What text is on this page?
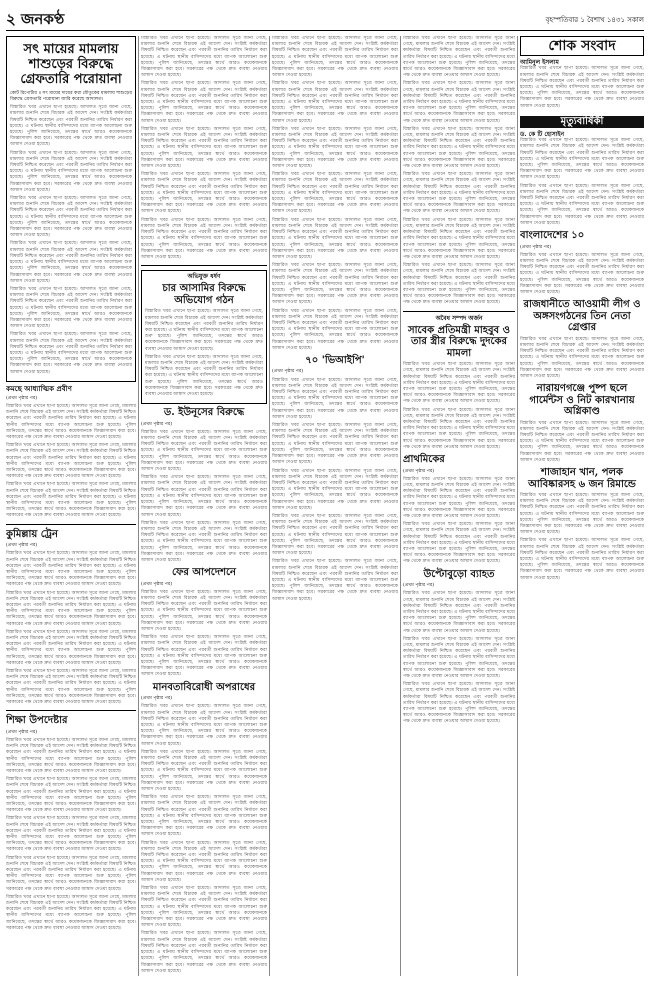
২ জনকণ্ঠ	বৃহস্পতিবার ১ বৈশাখ ১৪৩১ সকাল
সৎ মায়ের মামলায় শাশুড়ের বিরুদ্ধে গ্রেফতারি পরোয়ানা

কোর্ট রিপোর্টার ॥ সৎ মায়ের দায়ের করা যৌতুকের মামলায় শাশুড়ের বিরুদ্ধে গ্রেফতারি পরোয়ানা জারি করেছে আদালত।

বিস্তারিত খবর এখানে ছাপা হয়েছে। আদালত সূত্রে জানা গেছে, মামলার শুনানি শেষে বিচারক এই আদেশ দেন। সংশ্লিষ্ট কর্মকর্তারা বিষয়টি নিশ্চিত করেছেন এবং পরবর্তী শুনানির তারিখ নির্ধারণ করা হয়েছে। এ ঘটনায় স্থানীয় বাসিন্দাদের মধ্যে ব্যাপক আলোচনা শুরু হয়েছে। পুলিশ জানিয়েছে, তদন্তের স্বার্থে আরও কয়েকজনকে জিজ্ঞাসাবাদ করা হবে। সরকারের পক্ষ থেকে দ্রুত ব্যবস্থা নেওয়ার আশ্বাস দেওয়া হয়েছে।

বিস্তারিত খবর এখানে ছাপা হয়েছে। আদালত সূত্রে জানা গেছে, মামলার শুনানি শেষে বিচারক এই আদেশ দেন। সংশ্লিষ্ট কর্মকর্তারা বিষয়টি নিশ্চিত করেছেন এবং পরবর্তী শুনানির তারিখ নির্ধারণ করা হয়েছে। এ ঘটনায় স্থানীয় বাসিন্দাদের মধ্যে ব্যাপক আলোচনা শুরু হয়েছে। পুলিশ জানিয়েছে, তদন্তের স্বার্থে আরও কয়েকজনকে জিজ্ঞাসাবাদ করা হবে। সরকারের পক্ষ থেকে দ্রুত ব্যবস্থা নেওয়ার আশ্বাস দেওয়া হয়েছে।

বিস্তারিত খবর এখানে ছাপা হয়েছে। আদালত সূত্রে জানা গেছে, মামলার শুনানি শেষে বিচারক এই আদেশ দেন। সংশ্লিষ্ট কর্মকর্তারা বিষয়টি নিশ্চিত করেছেন এবং পরবর্তী শুনানির তারিখ নির্ধারণ করা হয়েছে। এ ঘটনায় স্থানীয় বাসিন্দাদের মধ্যে ব্যাপক আলোচনা শুরু হয়েছে। পুলিশ জানিয়েছে, তদন্তের স্বার্থে আরও কয়েকজনকে জিজ্ঞাসাবাদ করা হবে। সরকারের পক্ষ থেকে দ্রুত ব্যবস্থা নেওয়ার আশ্বাস দেওয়া হয়েছে।

বিস্তারিত খবর এখানে ছাপা হয়েছে। আদালত সূত্রে জানা গেছে, মামলার শুনানি শেষে বিচারক এই আদেশ দেন। সংশ্লিষ্ট কর্মকর্তারা বিষয়টি নিশ্চিত করেছেন এবং পরবর্তী শুনানির তারিখ নির্ধারণ করা হয়েছে। এ ঘটনায় স্থানীয় বাসিন্দাদের মধ্যে ব্যাপক আলোচনা শুরু হয়েছে। পুলিশ জানিয়েছে, তদন্তের স্বার্থে আরও কয়েকজনকে জিজ্ঞাসাবাদ করা হবে। সরকারের পক্ষ থেকে দ্রুত ব্যবস্থা নেওয়ার আশ্বাস দেওয়া হয়েছে।

বিস্তারিত খবর এখানে ছাপা হয়েছে। আদালত সূত্রে জানা গেছে, মামলার শুনানি শেষে বিচারক এই আদেশ দেন। সংশ্লিষ্ট কর্মকর্তারা বিষয়টি নিশ্চিত করেছেন এবং পরবর্তী শুনানির তারিখ নির্ধারণ করা হয়েছে। এ ঘটনায় স্থানীয় বাসিন্দাদের মধ্যে ব্যাপক আলোচনা শুরু হয়েছে। পুলিশ জানিয়েছে, তদন্তের স্বার্থে আরও কয়েকজনকে জিজ্ঞাসাবাদ করা হবে। সরকারের পক্ষ থেকে দ্রুত ব্যবস্থা নেওয়ার আশ্বাস দেওয়া হয়েছে।

বিস্তারিত খবর এখানে ছাপা হয়েছে। আদালত সূত্রে জানা গেছে, মামলার শুনানি শেষে বিচারক এই আদেশ দেন। সংশ্লিষ্ট কর্মকর্তারা বিষয়টি নিশ্চিত করেছেন এবং পরবর্তী শুনানির তারিখ নির্ধারণ করা হয়েছে। এ ঘটনায় স্থানীয় বাসিন্দাদের মধ্যে ব্যাপক আলোচনা শুরু হয়েছে। পুলিশ জানিয়েছে, তদন্তের স্বার্থে আরও কয়েকজনকে জিজ্ঞাসাবাদ করা হবে। সরকারের পক্ষ থেকে দ্রুত ব্যবস্থা নেওয়ার আশ্বাস দেওয়া হয়েছে।

কমছে আধ্যাত্মিক প্রবীণ

(প্রথম পৃষ্ঠার পর)

বিস্তারিত খবর এখানে ছাপা হয়েছে। আদালত সূত্রে জানা গেছে, মামলার শুনানি শেষে বিচারক এই আদেশ দেন। সংশ্লিষ্ট কর্মকর্তারা বিষয়টি নিশ্চিত করেছেন এবং পরবর্তী শুনানির তারিখ নির্ধারণ করা হয়েছে। এ ঘটনায় স্থানীয় বাসিন্দাদের মধ্যে ব্যাপক আলোচনা শুরু হয়েছে। পুলিশ জানিয়েছে, তদন্তের স্বার্থে আরও কয়েকজনকে জিজ্ঞাসাবাদ করা হবে। সরকারের পক্ষ থেকে দ্রুত ব্যবস্থা নেওয়ার আশ্বাস দেওয়া হয়েছে।

বিস্তারিত খবর এখানে ছাপা হয়েছে। আদালত সূত্রে জানা গেছে, মামলার শুনানি শেষে বিচারক এই আদেশ দেন। সংশ্লিষ্ট কর্মকর্তারা বিষয়টি নিশ্চিত করেছেন এবং পরবর্তী শুনানির তারিখ নির্ধারণ করা হয়েছে। এ ঘটনায় স্থানীয় বাসিন্দাদের মধ্যে ব্যাপক আলোচনা শুরু হয়েছে। পুলিশ জানিয়েছে, তদন্তের স্বার্থে আরও কয়েকজনকে জিজ্ঞাসাবাদ করা হবে। সরকারের পক্ষ থেকে দ্রুত ব্যবস্থা নেওয়ার আশ্বাস দেওয়া হয়েছে।

বিস্তারিত খবর এখানে ছাপা হয়েছে। আদালত সূত্রে জানা গেছে, মামলার শুনানি শেষে বিচারক এই আদেশ দেন। সংশ্লিষ্ট কর্মকর্তারা বিষয়টি নিশ্চিত করেছেন এবং পরবর্তী শুনানির তারিখ নির্ধারণ করা হয়েছে। এ ঘটনায় স্থানীয় বাসিন্দাদের মধ্যে ব্যাপক আলোচনা শুরু হয়েছে। পুলিশ জানিয়েছে, তদন্তের স্বার্থে আরও কয়েকজনকে জিজ্ঞাসাবাদ করা হবে। সরকারের পক্ষ থেকে দ্রুত ব্যবস্থা নেওয়ার আশ্বাস দেওয়া হয়েছে।

কুমিল্লায় ট্রেন

(প্রথম পৃষ্ঠার পর)

বিস্তারিত খবর এখানে ছাপা হয়েছে। আদালত সূত্রে জানা গেছে, মামলার শুনানি শেষে বিচারক এই আদেশ দেন। সংশ্লিষ্ট কর্মকর্তারা বিষয়টি নিশ্চিত করেছেন এবং পরবর্তী শুনানির তারিখ নির্ধারণ করা হয়েছে। এ ঘটনায় স্থানীয় বাসিন্দাদের মধ্যে ব্যাপক আলোচনা শুরু হয়েছে। পুলিশ জানিয়েছে, তদন্তের স্বার্থে আরও কয়েকজনকে জিজ্ঞাসাবাদ করা হবে। সরকারের পক্ষ থেকে দ্রুত ব্যবস্থা নেওয়ার আশ্বাস দেওয়া হয়েছে।

বিস্তারিত খবর এখানে ছাপা হয়েছে। আদালত সূত্রে জানা গেছে, মামলার শুনানি শেষে বিচারক এই আদেশ দেন। সংশ্লিষ্ট কর্মকর্তারা বিষয়টি নিশ্চিত করেছেন এবং পরবর্তী শুনানির তারিখ নির্ধারণ করা হয়েছে। এ ঘটনায় স্থানীয় বাসিন্দাদের মধ্যে ব্যাপক আলোচনা শুরু হয়েছে। পুলিশ জানিয়েছে, তদন্তের স্বার্থে আরও কয়েকজনকে জিজ্ঞাসাবাদ করা হবে। সরকারের পক্ষ থেকে দ্রুত ব্যবস্থা নেওয়ার আশ্বাস দেওয়া হয়েছে।

বিস্তারিত খবর এখানে ছাপা হয়েছে। আদালত সূত্রে জানা গেছে, মামলার শুনানি শেষে বিচারক এই আদেশ দেন। সংশ্লিষ্ট কর্মকর্তারা বিষয়টি নিশ্চিত করেছেন এবং পরবর্তী শুনানির তারিখ নির্ধারণ করা হয়েছে। এ ঘটনায় স্থানীয় বাসিন্দাদের মধ্যে ব্যাপক আলোচনা শুরু হয়েছে। পুলিশ জানিয়েছে, তদন্তের স্বার্থে আরও কয়েকজনকে জিজ্ঞাসাবাদ করা হবে। সরকারের পক্ষ থেকে দ্রুত ব্যবস্থা নেওয়ার আশ্বাস দেওয়া হয়েছে।

বিস্তারিত খবর এখানে ছাপা হয়েছে। আদালত সূত্রে জানা গেছে, মামলার শুনানি শেষে বিচারক এই আদেশ দেন। সংশ্লিষ্ট কর্মকর্তারা বিষয়টি নিশ্চিত করেছেন এবং পরবর্তী শুনানির তারিখ নির্ধারণ করা হয়েছে। এ ঘটনায় স্থানীয় বাসিন্দাদের মধ্যে ব্যাপক আলোচনা শুরু হয়েছে। পুলিশ জানিয়েছে, তদন্তের স্বার্থে আরও কয়েকজনকে জিজ্ঞাসাবাদ করা হবে। সরকারের পক্ষ থেকে দ্রুত ব্যবস্থা নেওয়ার আশ্বাস দেওয়া হয়েছে।

শিক্ষা উপদেষ্টার

(প্রথম পৃষ্ঠার পর)

বিস্তারিত খবর এখানে ছাপা হয়েছে। আদালত সূত্রে জানা গেছে, মামলার শুনানি শেষে বিচারক এই আদেশ দেন। সংশ্লিষ্ট কর্মকর্তারা বিষয়টি নিশ্চিত করেছেন এবং পরবর্তী শুনানির তারিখ নির্ধারণ করা হয়েছে। এ ঘটনায় স্থানীয় বাসিন্দাদের মধ্যে ব্যাপক আলোচনা শুরু হয়েছে। পুলিশ জানিয়েছে, তদন্তের স্বার্থে আরও কয়েকজনকে জিজ্ঞাসাবাদ করা হবে। সরকারের পক্ষ থেকে দ্রুত ব্যবস্থা নেওয়ার আশ্বাস দেওয়া হয়েছে।

বিস্তারিত খবর এখানে ছাপা হয়েছে। আদালত সূত্রে জানা গেছে, মামলার শুনানি শেষে বিচারক এই আদেশ দেন। সংশ্লিষ্ট কর্মকর্তারা বিষয়টি নিশ্চিত করেছেন এবং পরবর্তী শুনানির তারিখ নির্ধারণ করা হয়েছে। এ ঘটনায় স্থানীয় বাসিন্দাদের মধ্যে ব্যাপক আলোচনা শুরু হয়েছে। পুলিশ জানিয়েছে, তদন্তের স্বার্থে আরও কয়েকজনকে জিজ্ঞাসাবাদ করা হবে। সরকারের পক্ষ থেকে দ্রুত ব্যবস্থা নেওয়ার আশ্বাস দেওয়া হয়েছে।

বিস্তারিত খবর এখানে ছাপা হয়েছে। আদালত সূত্রে জানা গেছে, মামলার শুনানি শেষে বিচারক এই আদেশ দেন। সংশ্লিষ্ট কর্মকর্তারা বিষয়টি নিশ্চিত করেছেন এবং পরবর্তী শুনানির তারিখ নির্ধারণ করা হয়েছে। এ ঘটনায় স্থানীয় বাসিন্দাদের মধ্যে ব্যাপক আলোচনা শুরু হয়েছে। পুলিশ জানিয়েছে, তদন্তের স্বার্থে আরও কয়েকজনকে জিজ্ঞাসাবাদ করা হবে। সরকারের পক্ষ থেকে দ্রুত ব্যবস্থা নেওয়ার আশ্বাস দেওয়া হয়েছে।

বিস্তারিত খবর এখানে ছাপা হয়েছে। আদালত সূত্রে জানা গেছে, মামলার শুনানি শেষে বিচারক এই আদেশ দেন। সংশ্লিষ্ট কর্মকর্তারা বিষয়টি নিশ্চিত করেছেন এবং পরবর্তী শুনানির তারিখ নির্ধারণ করা হয়েছে। এ ঘটনায় স্থানীয় বাসিন্দাদের মধ্যে ব্যাপক আলোচনা শুরু হয়েছে। পুলিশ জানিয়েছে, তদন্তের স্বার্থে আরও কয়েকজনকে জিজ্ঞাসাবাদ করা হবে। সরকারের পক্ষ থেকে দ্রুত ব্যবস্থা নেওয়ার আশ্বাস দেওয়া হয়েছে।

বিস্তারিত খবর এখানে ছাপা হয়েছে। আদালত সূত্রে জানা গেছে, মামলার শুনানি শেষে বিচারক এই আদেশ দেন। সংশ্লিষ্ট কর্মকর্তারা বিষয়টি নিশ্চিত করেছেন এবং পরবর্তী শুনানির তারিখ নির্ধারণ করা হয়েছে। এ ঘটনায় স্থানীয় বাসিন্দাদের মধ্যে ব্যাপক আলোচনা শুরু হয়েছে। পুলিশ জানিয়েছে, তদন্তের স্বার্থে আরও কয়েকজনকে জিজ্ঞাসাবাদ করা হবে। সরকারের পক্ষ থেকে দ্রুত ব্যবস্থা নেওয়ার আশ্বাস দেওয়া হয়েছে।

বিস্তারিত খবর এখানে ছাপা হয়েছে। আদালত সূত্রে জানা গেছে, মামলার শুনানি শেষে বিচারক এই আদেশ দেন। সংশ্লিষ্ট কর্মকর্তারা বিষয়টি নিশ্চিত করেছেন এবং পরবর্তী শুনানির তারিখ নির্ধারণ করা হয়েছে। এ ঘটনায় স্থানীয় বাসিন্দাদের মধ্যে ব্যাপক আলোচনা শুরু হয়েছে। পুলিশ জানিয়েছে, তদন্তের স্বার্থে আরও কয়েকজনকে জিজ্ঞাসাবাদ করা হবে। সরকারের পক্ষ থেকে দ্রুত ব্যবস্থা নেওয়ার আশ্বাস দেওয়া হয়েছে।

বিস্তারিত খবর এখানে ছাপা হয়েছে। আদালত সূত্রে জানা গেছে, মামলার শুনানি শেষে বিচারক এই আদেশ দেন। সংশ্লিষ্ট কর্মকর্তারা বিষয়টি নিশ্চিত করেছেন এবং পরবর্তী শুনানির তারিখ নির্ধারণ করা হয়েছে। এ ঘটনায় স্থানীয় বাসিন্দাদের মধ্যে ব্যাপক আলোচনা শুরু হয়েছে। পুলিশ জানিয়েছে, তদন্তের স্বার্থে আরও কয়েকজনকে জিজ্ঞাসাবাদ করা হবে। সরকারের পক্ষ থেকে দ্রুত ব্যবস্থা নেওয়ার আশ্বাস দেওয়া হয়েছে।

বিস্তারিত খবর এখানে ছাপা হয়েছে। আদালত সূত্রে জানা গেছে, মামলার শুনানি শেষে বিচারক এই আদেশ দেন। সংশ্লিষ্ট কর্মকর্তারা বিষয়টি নিশ্চিত করেছেন এবং পরবর্তী শুনানির তারিখ নির্ধারণ করা হয়েছে। এ ঘটনায় স্থানীয় বাসিন্দাদের মধ্যে ব্যাপক আলোচনা শুরু হয়েছে। পুলিশ জানিয়েছে, তদন্তের স্বার্থে আরও কয়েকজনকে জিজ্ঞাসাবাদ করা হবে। সরকারের পক্ষ থেকে দ্রুত ব্যবস্থা নেওয়ার আশ্বাস দেওয়া হয়েছে।

বিস্তারিত খবর এখানে ছাপা হয়েছে। আদালত সূত্রে জানা গেছে, মামলার শুনানি শেষে বিচারক এই আদেশ দেন। সংশ্লিষ্ট কর্মকর্তারা বিষয়টি নিশ্চিত করেছেন এবং পরবর্তী শুনানির তারিখ নির্ধারণ করা হয়েছে। এ ঘটনায় স্থানীয় বাসিন্দাদের মধ্যে ব্যাপক আলোচনা শুরু হয়েছে। পুলিশ জানিয়েছে, তদন্তের স্বার্থে আরও কয়েকজনকে জিজ্ঞাসাবাদ করা হবে। সরকারের পক্ষ থেকে দ্রুত ব্যবস্থা নেওয়ার আশ্বাস দেওয়া হয়েছে।

বিস্তারিত খবর এখানে ছাপা হয়েছে। আদালত সূত্রে জানা গেছে, মামলার শুনানি শেষে বিচারক এই আদেশ দেন। সংশ্লিষ্ট কর্মকর্তারা বিষয়টি নিশ্চিত করেছেন এবং পরবর্তী শুনানির তারিখ নির্ধারণ করা হয়েছে। এ ঘটনায় স্থানীয় বাসিন্দাদের মধ্যে ব্যাপক আলোচনা শুরু হয়েছে। পুলিশ জানিয়েছে, তদন্তের স্বার্থে আরও কয়েকজনকে জিজ্ঞাসাবাদ করা হবে। সরকারের পক্ষ থেকে দ্রুত ব্যবস্থা নেওয়ার আশ্বাস দেওয়া হয়েছে।

অভিযুক্ত ধর্ষণ
চার আসামির বিরুদ্ধে অভিযোগ গঠন

বিস্তারিত খবর এখানে ছাপা হয়েছে। আদালত সূত্রে জানা গেছে, মামলার শুনানি শেষে বিচারক এই আদেশ দেন। সংশ্লিষ্ট কর্মকর্তারা বিষয়টি নিশ্চিত করেছেন এবং পরবর্তী শুনানির তারিখ নির্ধারণ করা হয়েছে। এ ঘটনায় স্থানীয় বাসিন্দাদের মধ্যে ব্যাপক আলোচনা শুরু হয়েছে। পুলিশ জানিয়েছে, তদন্তের স্বার্থে আরও কয়েকজনকে জিজ্ঞাসাবাদ করা হবে। সরকারের পক্ষ থেকে দ্রুত ব্যবস্থা নেওয়ার আশ্বাস দেওয়া হয়েছে।

বিস্তারিত খবর এখানে ছাপা হয়েছে। আদালত সূত্রে জানা গেছে, মামলার শুনানি শেষে বিচারক এই আদেশ দেন। সংশ্লিষ্ট কর্মকর্তারা বিষয়টি নিশ্চিত করেছেন এবং পরবর্তী শুনানির তারিখ নির্ধারণ করা হয়েছে। এ ঘটনায় স্থানীয় বাসিন্দাদের মধ্যে ব্যাপক আলোচনা শুরু হয়েছে। পুলিশ জানিয়েছে, তদন্তের স্বার্থে আরও কয়েকজনকে জিজ্ঞাসাবাদ করা হবে। সরকারের পক্ষ থেকে দ্রুত ব্যবস্থা নেওয়ার আশ্বাস দেওয়া হয়েছে।

ড. ইউনূসের বিরুদ্ধে

(প্রথম পৃষ্ঠার পর)

বিস্তারিত খবর এখানে ছাপা হয়েছে। আদালত সূত্রে জানা গেছে, মামলার শুনানি শেষে বিচারক এই আদেশ দেন। সংশ্লিষ্ট কর্মকর্তারা বিষয়টি নিশ্চিত করেছেন এবং পরবর্তী শুনানির তারিখ নির্ধারণ করা হয়েছে। এ ঘটনায় স্থানীয় বাসিন্দাদের মধ্যে ব্যাপক আলোচনা শুরু হয়েছে। পুলিশ জানিয়েছে, তদন্তের স্বার্থে আরও কয়েকজনকে জিজ্ঞাসাবাদ করা হবে। সরকারের পক্ষ থেকে দ্রুত ব্যবস্থা নেওয়ার আশ্বাস দেওয়া হয়েছে।

বিস্তারিত খবর এখানে ছাপা হয়েছে। আদালত সূত্রে জানা গেছে, মামলার শুনানি শেষে বিচারক এই আদেশ দেন। সংশ্লিষ্ট কর্মকর্তারা বিষয়টি নিশ্চিত করেছেন এবং পরবর্তী শুনানির তারিখ নির্ধারণ করা হয়েছে। এ ঘটনায় স্থানীয় বাসিন্দাদের মধ্যে ব্যাপক আলোচনা শুরু হয়েছে। পুলিশ জানিয়েছে, তদন্তের স্বার্থে আরও কয়েকজনকে জিজ্ঞাসাবাদ করা হবে। সরকারের পক্ষ থেকে দ্রুত ব্যবস্থা নেওয়ার আশ্বাস দেওয়া হয়েছে।

বিস্তারিত খবর এখানে ছাপা হয়েছে। আদালত সূত্রে জানা গেছে, মামলার শুনানি শেষে বিচারক এই আদেশ দেন। সংশ্লিষ্ট কর্মকর্তারা বিষয়টি নিশ্চিত করেছেন এবং পরবর্তী শুনানির তারিখ নির্ধারণ করা হয়েছে। এ ঘটনায় স্থানীয় বাসিন্দাদের মধ্যে ব্যাপক আলোচনা শুরু হয়েছে। পুলিশ জানিয়েছে, তদন্তের স্বার্থে আরও কয়েকজনকে জিজ্ঞাসাবাদ করা হবে। সরকারের পক্ষ থেকে দ্রুত ব্যবস্থা নেওয়ার আশ্বাস দেওয়া হয়েছে।

ফের আপদেশনে

(প্রথম পৃষ্ঠার পর)

বিস্তারিত খবর এখানে ছাপা হয়েছে। আদালত সূত্রে জানা গেছে, মামলার শুনানি শেষে বিচারক এই আদেশ দেন। সংশ্লিষ্ট কর্মকর্তারা বিষয়টি নিশ্চিত করেছেন এবং পরবর্তী শুনানির তারিখ নির্ধারণ করা হয়েছে। এ ঘটনায় স্থানীয় বাসিন্দাদের মধ্যে ব্যাপক আলোচনা শুরু হয়েছে। পুলিশ জানিয়েছে, তদন্তের স্বার্থে আরও কয়েকজনকে জিজ্ঞাসাবাদ করা হবে। সরকারের পক্ষ থেকে দ্রুত ব্যবস্থা নেওয়ার আশ্বাস দেওয়া হয়েছে।

বিস্তারিত খবর এখানে ছাপা হয়েছে। আদালত সূত্রে জানা গেছে, মামলার শুনানি শেষে বিচারক এই আদেশ দেন। সংশ্লিষ্ট কর্মকর্তারা বিষয়টি নিশ্চিত করেছেন এবং পরবর্তী শুনানির তারিখ নির্ধারণ করা হয়েছে। এ ঘটনায় স্থানীয় বাসিন্দাদের মধ্যে ব্যাপক আলোচনা শুরু হয়েছে। পুলিশ জানিয়েছে, তদন্তের স্বার্থে আরও কয়েকজনকে জিজ্ঞাসাবাদ করা হবে। সরকারের পক্ষ থেকে দ্রুত ব্যবস্থা নেওয়ার আশ্বাস দেওয়া হয়েছে।

মানবতাবিরোধী অপরাধের

(প্রথম পৃষ্ঠার পর)

বিস্তারিত খবর এখানে ছাপা হয়েছে। আদালত সূত্রে জানা গেছে, মামলার শুনানি শেষে বিচারক এই আদেশ দেন। সংশ্লিষ্ট কর্মকর্তারা বিষয়টি নিশ্চিত করেছেন এবং পরবর্তী শুনানির তারিখ নির্ধারণ করা হয়েছে। এ ঘটনায় স্থানীয় বাসিন্দাদের মধ্যে ব্যাপক আলোচনা শুরু হয়েছে। পুলিশ জানিয়েছে, তদন্তের স্বার্থে আরও কয়েকজনকে জিজ্ঞাসাবাদ করা হবে। সরকারের পক্ষ থেকে দ্রুত ব্যবস্থা নেওয়ার আশ্বাস দেওয়া হয়েছে।

বিস্তারিত খবর এখানে ছাপা হয়েছে। আদালত সূত্রে জানা গেছে, মামলার শুনানি শেষে বিচারক এই আদেশ দেন। সংশ্লিষ্ট কর্মকর্তারা বিষয়টি নিশ্চিত করেছেন এবং পরবর্তী শুনানির তারিখ নির্ধারণ করা হয়েছে। এ ঘটনায় স্থানীয় বাসিন্দাদের মধ্যে ব্যাপক আলোচনা শুরু হয়েছে। পুলিশ জানিয়েছে, তদন্তের স্বার্থে আরও কয়েকজনকে জিজ্ঞাসাবাদ করা হবে। সরকারের পক্ষ থেকে দ্রুত ব্যবস্থা নেওয়ার আশ্বাস দেওয়া হয়েছে।

বিস্তারিত খবর এখানে ছাপা হয়েছে। আদালত সূত্রে জানা গেছে, মামলার শুনানি শেষে বিচারক এই আদেশ দেন। সংশ্লিষ্ট কর্মকর্তারা বিষয়টি নিশ্চিত করেছেন এবং পরবর্তী শুনানির তারিখ নির্ধারণ করা হয়েছে। এ ঘটনায় স্থানীয় বাসিন্দাদের মধ্যে ব্যাপক আলোচনা শুরু হয়েছে। পুলিশ জানিয়েছে, তদন্তের স্বার্থে আরও কয়েকজনকে জিজ্ঞাসাবাদ করা হবে। সরকারের পক্ষ থেকে দ্রুত ব্যবস্থা নেওয়ার আশ্বাস দেওয়া হয়েছে।

বিস্তারিত খবর এখানে ছাপা হয়েছে। আদালত সূত্রে জানা গেছে, মামলার শুনানি শেষে বিচারক এই আদেশ দেন। সংশ্লিষ্ট কর্মকর্তারা বিষয়টি নিশ্চিত করেছেন এবং পরবর্তী শুনানির তারিখ নির্ধারণ করা হয়েছে। এ ঘটনায় স্থানীয় বাসিন্দাদের মধ্যে ব্যাপক আলোচনা শুরু হয়েছে। পুলিশ জানিয়েছে, তদন্তের স্বার্থে আরও কয়েকজনকে জিজ্ঞাসাবাদ করা হবে। সরকারের পক্ষ থেকে দ্রুত ব্যবস্থা নেওয়ার আশ্বাস দেওয়া হয়েছে।

বিস্তারিত খবর এখানে ছাপা হয়েছে। আদালত সূত্রে জানা গেছে, মামলার শুনানি শেষে বিচারক এই আদেশ দেন। সংশ্লিষ্ট কর্মকর্তারা বিষয়টি নিশ্চিত করেছেন এবং পরবর্তী শুনানির তারিখ নির্ধারণ করা হয়েছে। এ ঘটনায় স্থানীয় বাসিন্দাদের মধ্যে ব্যাপক আলোচনা শুরু হয়েছে। পুলিশ জানিয়েছে, তদন্তের স্বার্থে আরও কয়েকজনকে জিজ্ঞাসাবাদ করা হবে। সরকারের পক্ষ থেকে দ্রুত ব্যবস্থা নেওয়ার আশ্বাস দেওয়া হয়েছে।

বিস্তারিত খবর এখানে ছাপা হয়েছে। আদালত সূত্রে জানা গেছে, মামলার শুনানি শেষে বিচারক এই আদেশ দেন। সংশ্লিষ্ট কর্মকর্তারা বিষয়টি নিশ্চিত করেছেন এবং পরবর্তী শুনানির তারিখ নির্ধারণ করা হয়েছে। এ ঘটনায় স্থানীয় বাসিন্দাদের মধ্যে ব্যাপক আলোচনা শুরু হয়েছে। পুলিশ জানিয়েছে, তদন্তের স্বার্থে আরও কয়েকজনকে জিজ্ঞাসাবাদ করা হবে। সরকারের পক্ষ থেকে দ্রুত ব্যবস্থা নেওয়ার আশ্বাস দেওয়া হয়েছে।

বিস্তারিত খবর এখানে ছাপা হয়েছে। আদালত সূত্রে জানা গেছে, মামলার শুনানি শেষে বিচারক এই আদেশ দেন। সংশ্লিষ্ট কর্মকর্তারা বিষয়টি নিশ্চিত করেছেন এবং পরবর্তী শুনানির তারিখ নির্ধারণ করা হয়েছে। এ ঘটনায় স্থানীয় বাসিন্দাদের মধ্যে ব্যাপক আলোচনা শুরু হয়েছে। পুলিশ জানিয়েছে, তদন্তের স্বার্থে আরও কয়েকজনকে জিজ্ঞাসাবাদ করা হবে। সরকারের পক্ষ থেকে দ্রুত ব্যবস্থা নেওয়ার আশ্বাস দেওয়া হয়েছে।

বিস্তারিত খবর এখানে ছাপা হয়েছে। আদালত সূত্রে জানা গেছে, মামলার শুনানি শেষে বিচারক এই আদেশ দেন। সংশ্লিষ্ট কর্মকর্তারা বিষয়টি নিশ্চিত করেছেন এবং পরবর্তী শুনানির তারিখ নির্ধারণ করা হয়েছে। এ ঘটনায় স্থানীয় বাসিন্দাদের মধ্যে ব্যাপক আলোচনা শুরু হয়েছে। পুলিশ জানিয়েছে, তদন্তের স্বার্থে আরও কয়েকজনকে জিজ্ঞাসাবাদ করা হবে। সরকারের পক্ষ থেকে দ্রুত ব্যবস্থা নেওয়ার আশ্বাস দেওয়া হয়েছে।

বিস্তারিত খবর এখানে ছাপা হয়েছে। আদালত সূত্রে জানা গেছে, মামলার শুনানি শেষে বিচারক এই আদেশ দেন। সংশ্লিষ্ট কর্মকর্তারা বিষয়টি নিশ্চিত করেছেন এবং পরবর্তী শুনানির তারিখ নির্ধারণ করা হয়েছে। এ ঘটনায় স্থানীয় বাসিন্দাদের মধ্যে ব্যাপক আলোচনা শুরু হয়েছে। পুলিশ জানিয়েছে, তদন্তের স্বার্থে আরও কয়েকজনকে জিজ্ঞাসাবাদ করা হবে। সরকারের পক্ষ থেকে দ্রুত ব্যবস্থা নেওয়ার আশ্বাস দেওয়া হয়েছে।

বিস্তারিত খবর এখানে ছাপা হয়েছে। আদালত সূত্রে জানা গেছে, মামলার শুনানি শেষে বিচারক এই আদেশ দেন। সংশ্লিষ্ট কর্মকর্তারা বিষয়টি নিশ্চিত করেছেন এবং পরবর্তী শুনানির তারিখ নির্ধারণ করা হয়েছে। এ ঘটনায় স্থানীয় বাসিন্দাদের মধ্যে ব্যাপক আলোচনা শুরু হয়েছে। পুলিশ জানিয়েছে, তদন্তের স্বার্থে আরও কয়েকজনকে জিজ্ঞাসাবাদ করা হবে। সরকারের পক্ষ থেকে দ্রুত ব্যবস্থা নেওয়ার আশ্বাস দেওয়া হয়েছে।

বিস্তারিত খবর এখানে ছাপা হয়েছে। আদালত সূত্রে জানা গেছে, মামলার শুনানি শেষে বিচারক এই আদেশ দেন। সংশ্লিষ্ট কর্মকর্তারা বিষয়টি নিশ্চিত করেছেন এবং পরবর্তী শুনানির তারিখ নির্ধারণ করা হয়েছে। এ ঘটনায় স্থানীয় বাসিন্দাদের মধ্যে ব্যাপক আলোচনা শুরু হয়েছে। পুলিশ জানিয়েছে, তদন্তের স্বার্থে আরও কয়েকজনকে জিজ্ঞাসাবাদ করা হবে। সরকারের পক্ষ থেকে দ্রুত ব্যবস্থা নেওয়ার আশ্বাস দেওয়া হয়েছে।

বিস্তারিত খবর এখানে ছাপা হয়েছে। আদালত সূত্রে জানা গেছে, মামলার শুনানি শেষে বিচারক এই আদেশ দেন। সংশ্লিষ্ট কর্মকর্তারা বিষয়টি নিশ্চিত করেছেন এবং পরবর্তী শুনানির তারিখ নির্ধারণ করা হয়েছে। এ ঘটনায় স্থানীয় বাসিন্দাদের মধ্যে ব্যাপক আলোচনা শুরু হয়েছে। পুলিশ জানিয়েছে, তদন্তের স্বার্থে আরও কয়েকজনকে জিজ্ঞাসাবাদ করা হবে। সরকারের পক্ষ থেকে দ্রুত ব্যবস্থা নেওয়ার আশ্বাস দেওয়া হয়েছে।

বিস্তারিত খবর এখানে ছাপা হয়েছে। আদালত সূত্রে জানা গেছে, মামলার শুনানি শেষে বিচারক এই আদেশ দেন। সংশ্লিষ্ট কর্মকর্তারা বিষয়টি নিশ্চিত করেছেন এবং পরবর্তী শুনানির তারিখ নির্ধারণ করা হয়েছে। এ ঘটনায় স্থানীয় বাসিন্দাদের মধ্যে ব্যাপক আলোচনা শুরু হয়েছে। পুলিশ জানিয়েছে, তদন্তের স্বার্থে আরও কয়েকজনকে জিজ্ঞাসাবাদ করা হবে। সরকারের পক্ষ থেকে দ্রুত ব্যবস্থা নেওয়ার আশ্বাস দেওয়া হয়েছে।

৭০ 'ভিআইপি'

(প্রথম পৃষ্ঠার পর)

বিস্তারিত খবর এখানে ছাপা হয়েছে। আদালত সূত্রে জানা গেছে, মামলার শুনানি শেষে বিচারক এই আদেশ দেন। সংশ্লিষ্ট কর্মকর্তারা বিষয়টি নিশ্চিত করেছেন এবং পরবর্তী শুনানির তারিখ নির্ধারণ করা হয়েছে। এ ঘটনায় স্থানীয় বাসিন্দাদের মধ্যে ব্যাপক আলোচনা শুরু হয়েছে। পুলিশ জানিয়েছে, তদন্তের স্বার্থে আরও কয়েকজনকে জিজ্ঞাসাবাদ করা হবে। সরকারের পক্ষ থেকে দ্রুত ব্যবস্থা নেওয়ার আশ্বাস দেওয়া হয়েছে।

বিস্তারিত খবর এখানে ছাপা হয়েছে। আদালত সূত্রে জানা গেছে, মামলার শুনানি শেষে বিচারক এই আদেশ দেন। সংশ্লিষ্ট কর্মকর্তারা বিষয়টি নিশ্চিত করেছেন এবং পরবর্তী শুনানির তারিখ নির্ধারণ করা হয়েছে। এ ঘটনায় স্থানীয় বাসিন্দাদের মধ্যে ব্যাপক আলোচনা শুরু হয়েছে। পুলিশ জানিয়েছে, তদন্তের স্বার্থে আরও কয়েকজনকে জিজ্ঞাসাবাদ করা হবে। সরকারের পক্ষ থেকে দ্রুত ব্যবস্থা নেওয়ার আশ্বাস দেওয়া হয়েছে।

বিস্তারিত খবর এখানে ছাপা হয়েছে। আদালত সূত্রে জানা গেছে, মামলার শুনানি শেষে বিচারক এই আদেশ দেন। সংশ্লিষ্ট কর্মকর্তারা বিষয়টি নিশ্চিত করেছেন এবং পরবর্তী শুনানির তারিখ নির্ধারণ করা হয়েছে। এ ঘটনায় স্থানীয় বাসিন্দাদের মধ্যে ব্যাপক আলোচনা শুরু হয়েছে। পুলিশ জানিয়েছে, তদন্তের স্বার্থে আরও কয়েকজনকে জিজ্ঞাসাবাদ করা হবে। সরকারের পক্ষ থেকে দ্রুত ব্যবস্থা নেওয়ার আশ্বাস দেওয়া হয়েছে।

বিস্তারিত খবর এখানে ছাপা হয়েছে। আদালত সূত্রে জানা গেছে, মামলার শুনানি শেষে বিচারক এই আদেশ দেন। সংশ্লিষ্ট কর্মকর্তারা বিষয়টি নিশ্চিত করেছেন এবং পরবর্তী শুনানির তারিখ নির্ধারণ করা হয়েছে। এ ঘটনায় স্থানীয় বাসিন্দাদের মধ্যে ব্যাপক আলোচনা শুরু হয়েছে। পুলিশ জানিয়েছে, তদন্তের স্বার্থে আরও কয়েকজনকে জিজ্ঞাসাবাদ করা হবে। সরকারের পক্ষ থেকে দ্রুত ব্যবস্থা নেওয়ার আশ্বাস দেওয়া হয়েছে।

বিস্তারিত খবর এখানে ছাপা হয়েছে। আদালত সূত্রে জানা গেছে, মামলার শুনানি শেষে বিচারক এই আদেশ দেন। সংশ্লিষ্ট কর্মকর্তারা বিষয়টি নিশ্চিত করেছেন এবং পরবর্তী শুনানির তারিখ নির্ধারণ করা হয়েছে। এ ঘটনায় স্থানীয় বাসিন্দাদের মধ্যে ব্যাপক আলোচনা শুরু হয়েছে। পুলিশ জানিয়েছে, তদন্তের স্বার্থে আরও কয়েকজনকে জিজ্ঞাসাবাদ করা হবে। সরকারের পক্ষ থেকে দ্রুত ব্যবস্থা নেওয়ার আশ্বাস দেওয়া হয়েছে।

বিস্তারিত খবর এখানে ছাপা হয়েছে। আদালত সূত্রে জানা গেছে, মামলার শুনানি শেষে বিচারক এই আদেশ দেন। সংশ্লিষ্ট কর্মকর্তারা বিষয়টি নিশ্চিত করেছেন এবং পরবর্তী শুনানির তারিখ নির্ধারণ করা হয়েছে। এ ঘটনায় স্থানীয় বাসিন্দাদের মধ্যে ব্যাপক আলোচনা শুরু হয়েছে। পুলিশ জানিয়েছে, তদন্তের স্বার্থে আরও কয়েকজনকে জিজ্ঞাসাবাদ করা হবে। সরকারের পক্ষ থেকে দ্রুত ব্যবস্থা নেওয়ার আশ্বাস দেওয়া হয়েছে।

বিস্তারিত খবর এখানে ছাপা হয়েছে। আদালত সূত্রে জানা গেছে, মামলার শুনানি শেষে বিচারক এই আদেশ দেন। সংশ্লিষ্ট কর্মকর্তারা বিষয়টি নিশ্চিত করেছেন এবং পরবর্তী শুনানির তারিখ নির্ধারণ করা হয়েছে। এ ঘটনায় স্থানীয় বাসিন্দাদের মধ্যে ব্যাপক আলোচনা শুরু হয়েছে। পুলিশ জানিয়েছে, তদন্তের স্বার্থে আরও কয়েকজনকে জিজ্ঞাসাবাদ করা হবে। সরকারের পক্ষ থেকে দ্রুত ব্যবস্থা নেওয়ার আশ্বাস দেওয়া হয়েছে।

বিস্তারিত খবর এখানে ছাপা হয়েছে। আদালত সূত্রে জানা গেছে, মামলার শুনানি শেষে বিচারক এই আদেশ দেন। সংশ্লিষ্ট কর্মকর্তারা বিষয়টি নিশ্চিত করেছেন এবং পরবর্তী শুনানির তারিখ নির্ধারণ করা হয়েছে। এ ঘটনায় স্থানীয় বাসিন্দাদের মধ্যে ব্যাপক আলোচনা শুরু হয়েছে। পুলিশ জানিয়েছে, তদন্তের স্বার্থে আরও কয়েকজনকে জিজ্ঞাসাবাদ করা হবে। সরকারের পক্ষ থেকে দ্রুত ব্যবস্থা নেওয়ার আশ্বাস দেওয়া হয়েছে।

বিস্তারিত খবর এখানে ছাপা হয়েছে। আদালত সূত্রে জানা গেছে, মামলার শুনানি শেষে বিচারক এই আদেশ দেন। সংশ্লিষ্ট কর্মকর্তারা বিষয়টি নিশ্চিত করেছেন এবং পরবর্তী শুনানির তারিখ নির্ধারণ করা হয়েছে। এ ঘটনায় স্থানীয় বাসিন্দাদের মধ্যে ব্যাপক আলোচনা শুরু হয়েছে। পুলিশ জানিয়েছে, তদন্তের স্বার্থে আরও কয়েকজনকে জিজ্ঞাসাবাদ করা হবে। সরকারের পক্ষ থেকে দ্রুত ব্যবস্থা নেওয়ার আশ্বাস দেওয়া হয়েছে।

বিস্তারিত খবর এখানে ছাপা হয়েছে। আদালত সূত্রে জানা গেছে, মামলার শুনানি শেষে বিচারক এই আদেশ দেন। সংশ্লিষ্ট কর্মকর্তারা বিষয়টি নিশ্চিত করেছেন এবং পরবর্তী শুনানির তারিখ নির্ধারণ করা হয়েছে। এ ঘটনায় স্থানীয় বাসিন্দাদের মধ্যে ব্যাপক আলোচনা শুরু হয়েছে। পুলিশ জানিয়েছে, তদন্তের স্বার্থে আরও কয়েকজনকে জিজ্ঞাসাবাদ করা হবে। সরকারের পক্ষ থেকে দ্রুত ব্যবস্থা নেওয়ার আশ্বাস দেওয়া হয়েছে।

বিস্তারিত খবর এখানে ছাপা হয়েছে। আদালত সূত্রে জানা গেছে, মামলার শুনানি শেষে বিচারক এই আদেশ দেন। সংশ্লিষ্ট কর্মকর্তারা বিষয়টি নিশ্চিত করেছেন এবং পরবর্তী শুনানির তারিখ নির্ধারণ করা হয়েছে। এ ঘটনায় স্থানীয় বাসিন্দাদের মধ্যে ব্যাপক আলোচনা শুরু হয়েছে। পুলিশ জানিয়েছে, তদন্তের স্বার্থে আরও কয়েকজনকে জিজ্ঞাসাবাদ করা হবে। সরকারের পক্ষ থেকে দ্রুত ব্যবস্থা নেওয়ার আশ্বাস দেওয়া হয়েছে।

অবৈধ সম্পদ অর্জন
সাবেক প্রতিমন্ত্রী মাহবুব ও তার স্ত্রীর বিরুদ্ধে দুদকের মামলা

বিস্তারিত খবর এখানে ছাপা হয়েছে। আদালত সূত্রে জানা গেছে, মামলার শুনানি শেষে বিচারক এই আদেশ দেন। সংশ্লিষ্ট কর্মকর্তারা বিষয়টি নিশ্চিত করেছেন এবং পরবর্তী শুনানির তারিখ নির্ধারণ করা হয়েছে। এ ঘটনায় স্থানীয় বাসিন্দাদের মধ্যে ব্যাপক আলোচনা শুরু হয়েছে। পুলিশ জানিয়েছে, তদন্তের স্বার্থে আরও কয়েকজনকে জিজ্ঞাসাবাদ করা হবে। সরকারের পক্ষ থেকে দ্রুত ব্যবস্থা নেওয়ার আশ্বাস দেওয়া হয়েছে।

বিস্তারিত খবর এখানে ছাপা হয়েছে। আদালত সূত্রে জানা গেছে, মামলার শুনানি শেষে বিচারক এই আদেশ দেন। সংশ্লিষ্ট কর্মকর্তারা বিষয়টি নিশ্চিত করেছেন এবং পরবর্তী শুনানির তারিখ নির্ধারণ করা হয়েছে। এ ঘটনায় স্থানীয় বাসিন্দাদের মধ্যে ব্যাপক আলোচনা শুরু হয়েছে। পুলিশ জানিয়েছে, তদন্তের স্বার্থে আরও কয়েকজনকে জিজ্ঞাসাবাদ করা হবে। সরকারের পক্ষ থেকে দ্রুত ব্যবস্থা নেওয়ার আশ্বাস দেওয়া হয়েছে।

প্রাথমিকের

(প্রথম পৃষ্ঠার পর)

বিস্তারিত খবর এখানে ছাপা হয়েছে। আদালত সূত্রে জানা গেছে, মামলার শুনানি শেষে বিচারক এই আদেশ দেন। সংশ্লিষ্ট কর্মকর্তারা বিষয়টি নিশ্চিত করেছেন এবং পরবর্তী শুনানির তারিখ নির্ধারণ করা হয়েছে। এ ঘটনায় স্থানীয় বাসিন্দাদের মধ্যে ব্যাপক আলোচনা শুরু হয়েছে। পুলিশ জানিয়েছে, তদন্তের স্বার্থে আরও কয়েকজনকে জিজ্ঞাসাবাদ করা হবে। সরকারের পক্ষ থেকে দ্রুত ব্যবস্থা নেওয়ার আশ্বাস দেওয়া হয়েছে।

বিস্তারিত খবর এখানে ছাপা হয়েছে। আদালত সূত্রে জানা গেছে, মামলার শুনানি শেষে বিচারক এই আদেশ দেন। সংশ্লিষ্ট কর্মকর্তারা বিষয়টি নিশ্চিত করেছেন এবং পরবর্তী শুনানির তারিখ নির্ধারণ করা হয়েছে। এ ঘটনায় স্থানীয় বাসিন্দাদের মধ্যে ব্যাপক আলোচনা শুরু হয়েছে। পুলিশ জানিয়েছে, তদন্তের স্বার্থে আরও কয়েকজনকে জিজ্ঞাসাবাদ করা হবে। সরকারের পক্ষ থেকে দ্রুত ব্যবস্থা নেওয়ার আশ্বাস দেওয়া হয়েছে।

উপ্টোবুড়ো ব্যাহত

(প্রথম পৃষ্ঠার পর)

বিস্তারিত খবর এখানে ছাপা হয়েছে। আদালত সূত্রে জানা গেছে, মামলার শুনানি শেষে বিচারক এই আদেশ দেন। সংশ্লিষ্ট কর্মকর্তারা বিষয়টি নিশ্চিত করেছেন এবং পরবর্তী শুনানির তারিখ নির্ধারণ করা হয়েছে। এ ঘটনায় স্থানীয় বাসিন্দাদের মধ্যে ব্যাপক আলোচনা শুরু হয়েছে। পুলিশ জানিয়েছে, তদন্তের স্বার্থে আরও কয়েকজনকে জিজ্ঞাসাবাদ করা হবে। সরকারের পক্ষ থেকে দ্রুত ব্যবস্থা নেওয়ার আশ্বাস দেওয়া হয়েছে।

বিস্তারিত খবর এখানে ছাপা হয়েছে। আদালত সূত্রে জানা গেছে, মামলার শুনানি শেষে বিচারক এই আদেশ দেন। সংশ্লিষ্ট কর্মকর্তারা বিষয়টি নিশ্চিত করেছেন এবং পরবর্তী শুনানির তারিখ নির্ধারণ করা হয়েছে। এ ঘটনায় স্থানীয় বাসিন্দাদের মধ্যে ব্যাপক আলোচনা শুরু হয়েছে। পুলিশ জানিয়েছে, তদন্তের স্বার্থে আরও কয়েকজনকে জিজ্ঞাসাবাদ করা হবে। সরকারের পক্ষ থেকে দ্রুত ব্যবস্থা নেওয়ার আশ্বাস দেওয়া হয়েছে।

বিস্তারিত খবর এখানে ছাপা হয়েছে। আদালত সূত্রে জানা গেছে, মামলার শুনানি শেষে বিচারক এই আদেশ দেন। সংশ্লিষ্ট কর্মকর্তারা বিষয়টি নিশ্চিত করেছেন এবং পরবর্তী শুনানির তারিখ নির্ধারণ করা হয়েছে। এ ঘটনায় স্থানীয় বাসিন্দাদের মধ্যে ব্যাপক আলোচনা শুরু হয়েছে। পুলিশ জানিয়েছে, তদন্তের স্বার্থে আরও কয়েকজনকে জিজ্ঞাসাবাদ করা হবে। সরকারের পক্ষ থেকে দ্রুত ব্যবস্থা নেওয়ার আশ্বাস দেওয়া হয়েছে।

শোক সংবাদ
আমিনুল ইসলাম

বিস্তারিত খবর এখানে ছাপা হয়েছে। আদালত সূত্রে জানা গেছে, মামলার শুনানি শেষে বিচারক এই আদেশ দেন। সংশ্লিষ্ট কর্মকর্তারা বিষয়টি নিশ্চিত করেছেন এবং পরবর্তী শুনানির তারিখ নির্ধারণ করা হয়েছে। এ ঘটনায় স্থানীয় বাসিন্দাদের মধ্যে ব্যাপক আলোচনা শুরু হয়েছে। পুলিশ জানিয়েছে, তদন্তের স্বার্থে আরও কয়েকজনকে জিজ্ঞাসাবাদ করা হবে। সরকারের পক্ষ থেকে দ্রুত ব্যবস্থা নেওয়ার আশ্বাস দেওয়া হয়েছে।

মৃত্যুবার্ষিকী
ড. কে টি হোসাইন

বিস্তারিত খবর এখানে ছাপা হয়েছে। আদালত সূত্রে জানা গেছে, মামলার শুনানি শেষে বিচারক এই আদেশ দেন। সংশ্লিষ্ট কর্মকর্তারা বিষয়টি নিশ্চিত করেছেন এবং পরবর্তী শুনানির তারিখ নির্ধারণ করা হয়েছে। এ ঘটনায় স্থানীয় বাসিন্দাদের মধ্যে ব্যাপক আলোচনা শুরু হয়েছে। পুলিশ জানিয়েছে, তদন্তের স্বার্থে আরও কয়েকজনকে জিজ্ঞাসাবাদ করা হবে। সরকারের পক্ষ থেকে দ্রুত ব্যবস্থা নেওয়ার আশ্বাস দেওয়া হয়েছে।

বিস্তারিত খবর এখানে ছাপা হয়েছে। আদালত সূত্রে জানা গেছে, মামলার শুনানি শেষে বিচারক এই আদেশ দেন। সংশ্লিষ্ট কর্মকর্তারা বিষয়টি নিশ্চিত করেছেন এবং পরবর্তী শুনানির তারিখ নির্ধারণ করা হয়েছে। এ ঘটনায় স্থানীয় বাসিন্দাদের মধ্যে ব্যাপক আলোচনা শুরু হয়েছে। পুলিশ জানিয়েছে, তদন্তের স্বার্থে আরও কয়েকজনকে জিজ্ঞাসাবাদ করা হবে। সরকারের পক্ষ থেকে দ্রুত ব্যবস্থা নেওয়ার আশ্বাস দেওয়া হয়েছে।

বাংলাদেশের ১০

(প্রথম পৃষ্ঠার পর)

বিস্তারিত খবর এখানে ছাপা হয়েছে। আদালত সূত্রে জানা গেছে, মামলার শুনানি শেষে বিচারক এই আদেশ দেন। সংশ্লিষ্ট কর্মকর্তারা বিষয়টি নিশ্চিত করেছেন এবং পরবর্তী শুনানির তারিখ নির্ধারণ করা হয়েছে। এ ঘটনায় স্থানীয় বাসিন্দাদের মধ্যে ব্যাপক আলোচনা শুরু হয়েছে। পুলিশ জানিয়েছে, তদন্তের স্বার্থে আরও কয়েকজনকে জিজ্ঞাসাবাদ করা হবে। সরকারের পক্ষ থেকে দ্রুত ব্যবস্থা নেওয়ার আশ্বাস দেওয়া হয়েছে।

রাজধানীতে আওয়ামী লীগ ও অঙ্গসংগঠনের তিন নেতা গ্রেপ্তার

বিস্তারিত খবর এখানে ছাপা হয়েছে। আদালত সূত্রে জানা গেছে, মামলার শুনানি শেষে বিচারক এই আদেশ দেন। সংশ্লিষ্ট কর্মকর্তারা বিষয়টি নিশ্চিত করেছেন এবং পরবর্তী শুনানির তারিখ নির্ধারণ করা হয়েছে। এ ঘটনায় স্থানীয় বাসিন্দাদের মধ্যে ব্যাপক আলোচনা শুরু হয়েছে। পুলিশ জানিয়েছে, তদন্তের স্বার্থে আরও কয়েকজনকে জিজ্ঞাসাবাদ করা হবে। সরকারের পক্ষ থেকে দ্রুত ব্যবস্থা নেওয়ার আশ্বাস দেওয়া হয়েছে।

নারায়ণগঞ্জে পুষ্প ছলে গার্মেন্টস ও নিট কারখানায় অগ্নিকাণ্ড

বিস্তারিত খবর এখানে ছাপা হয়েছে। আদালত সূত্রে জানা গেছে, মামলার শুনানি শেষে বিচারক এই আদেশ দেন। সংশ্লিষ্ট কর্মকর্তারা বিষয়টি নিশ্চিত করেছেন এবং পরবর্তী শুনানির তারিখ নির্ধারণ করা হয়েছে। এ ঘটনায় স্থানীয় বাসিন্দাদের মধ্যে ব্যাপক আলোচনা শুরু হয়েছে। পুলিশ জানিয়েছে, তদন্তের স্বার্থে আরও কয়েকজনকে জিজ্ঞাসাবাদ করা হবে। সরকারের পক্ষ থেকে দ্রুত ব্যবস্থা নেওয়ার আশ্বাস দেওয়া হয়েছে।

শাজাহান খান, পলক আবিষ্কারসহ ৬ জন রিমান্ডে

বিস্তারিত খবর এখানে ছাপা হয়েছে। আদালত সূত্রে জানা গেছে, মামলার শুনানি শেষে বিচারক এই আদেশ দেন। সংশ্লিষ্ট কর্মকর্তারা বিষয়টি নিশ্চিত করেছেন এবং পরবর্তী শুনানির তারিখ নির্ধারণ করা হয়েছে। এ ঘটনায় স্থানীয় বাসিন্দাদের মধ্যে ব্যাপক আলোচনা শুরু হয়েছে। পুলিশ জানিয়েছে, তদন্তের স্বার্থে আরও কয়েকজনকে জিজ্ঞাসাবাদ করা হবে। সরকারের পক্ষ থেকে দ্রুত ব্যবস্থা নেওয়ার আশ্বাস দেওয়া হয়েছে।

বিস্তারিত খবর এখানে ছাপা হয়েছে। আদালত সূত্রে জানা গেছে, মামলার শুনানি শেষে বিচারক এই আদেশ দেন। সংশ্লিষ্ট কর্মকর্তারা বিষয়টি নিশ্চিত করেছেন এবং পরবর্তী শুনানির তারিখ নির্ধারণ করা হয়েছে। এ ঘটনায় স্থানীয় বাসিন্দাদের মধ্যে ব্যাপক আলোচনা শুরু হয়েছে। পুলিশ জানিয়েছে, তদন্তের স্বার্থে আরও কয়েকজনকে জিজ্ঞাসাবাদ করা হবে। সরকারের পক্ষ থেকে দ্রুত ব্যবস্থা নেওয়ার আশ্বাস দেওয়া হয়েছে।
